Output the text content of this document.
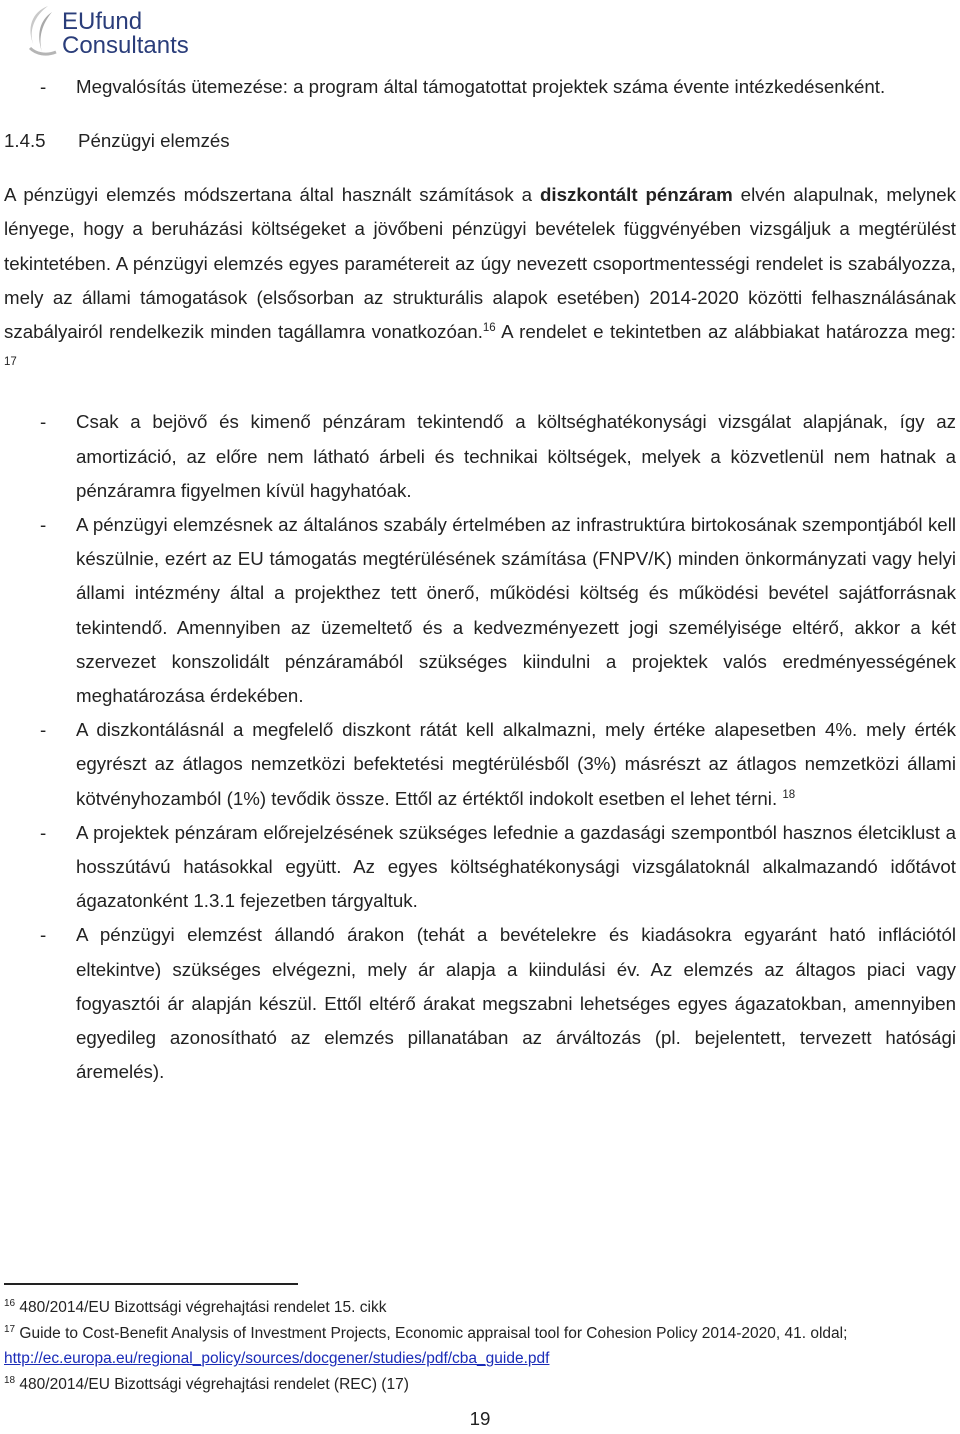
EUfund
Consultants

- Megvalósítás ütemezése: a program által támogatottat projektek száma évente intézkedésenként.

1.4.5 Pénzügyi elemzés

A pénzügyi elemzés módszertana által használt számítások a diszkontált pénzáram elvén alapulnak, melynek lényege, hogy a beruházási költségeket a jövőbeni pénzügyi bevételek függvényében vizsgáljuk a megtérülést tekintetében. A pénzügyi elemzés egyes paramétereit az úgy nevezett csoportmentességi rendelet is szabályozza, mely az állami támogatások (elsősorban az strukturális alapok esetében) 2014-2020 közötti felhasználásának szabályairól rendelkezik minden tagállamra vonatkozóan.$^{16}$ A rendelet e tekintetben az alábbiakat határozza meg: $^{17}$

- Csak a bejövő és kimenő pénzáram tekintendő a költséghatékonysági vizsgálat alapjának, így az amortizáció, az előre nem látható árbeli és technikai költségek, melyek a közvetlenül nem hatnak a pénzáramra figyelmen kívül hagyhatóak.

- A pénzügyi elemzésnek az általános szabály értelmében az infrastruktúra birtokosának szempontjából kell készülnie, ezért az EU támogatás megtérülésének számítása (FNPV/K) minden önkormányzati vagy helyi állami intézmény által a projekthez tett önerő, működési költség és működési bevétel sajátforrásnak tekintendő. Amennyiben az üzemeltető és a kedvezményezett jogi személyisége eltérő, akkor a két szervezet konszolidált pénzáramából szükséges kiindulni a projektek valós eredményességének meghatározása érdekében.

- A diszkontálásnál a megfelelő diszkont rátát kell alkalmazni, mely értéke alapesetben 4%. mely érték egyrészt az átlagos nemzetközi befektetési megtérülésből (3%) másrészt az átlagos nemzetközi állami kötvényhozamból (1%) tevődik össze. Ettől az értéktől indokolt esetben el lehet térni. $^{18}$

- A projektek pénzáram előrejelzésének szükséges lefednie a gazdasági szempontból hasznos életciklust a hosszútávú hatásokkal együtt. Az egyes költséghatékonysági vizsgálatoknál alkalmazandó időtávot ágazatonként 1.3.1 fejezetben tárgyaltuk.

- A pénzügyi elemzést állandó árakon (tehát a bevételekre és kiadásokra egyaránt ható inflációtól eltekintve) szükséges elvégezni, mely ár alapja a kiindulási év. Az elemzés az áltagos piaci vagy fogyasztói ár alapján készül. Ettől eltérő árakat megszabni lehetséges egyes ágazatokban, amennyiben egyedileg azonosítható az elemzés pillanatában az árváltozás (pl. bejelentett, tervezett hatósági áremelés).

$^{16}$ 480/2014/EU Bizottsági végrehajtási rendelet 15. cikk

$^{17}$ Guide to Cost-Benefit Analysis of Investment Projects, Economic appraisal tool for Cohesion Policy 2014-2020, 41. oldal; http://ec.europa.eu/regional_policy/sources/docgener/studies/pdf/cba_guide.pdf

$^{18}$ 480/2014/EU Bizottsági végrehajtási rendelet (REC) (17)

19
